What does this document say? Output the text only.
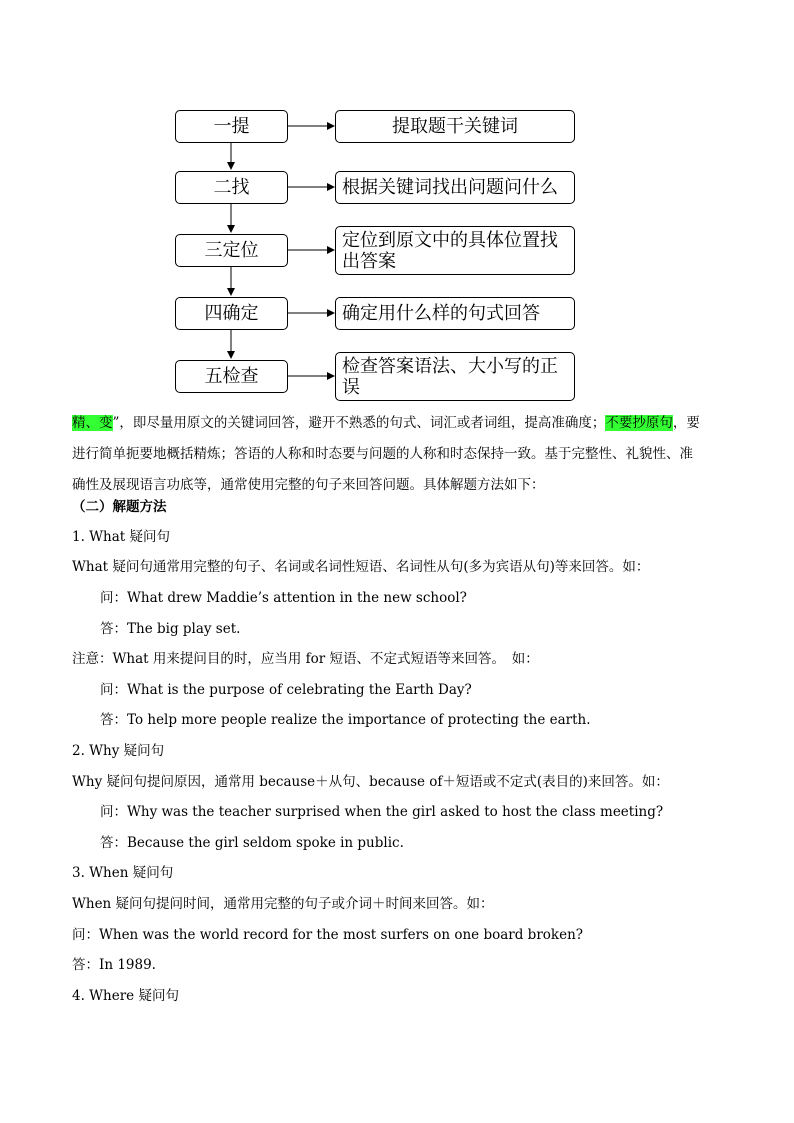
一提
二找
三定位
四确定
五检查
提取题干关键词
根据关键词找出问题问什么
定位到原文中的具体位置找出答案
确定用什么样的句式回答
检查答案语法、大小写的正误
精、变”，即尽量用原文的关键词回答，避开不熟悉的句式、词汇或者词组，提高准确度；不要抄原句，要
进行简单扼要地概括精炼；答语的人称和时态要与问题的人称和时态保持一致。基于完整性、礼貌性、准
确性及展现语言功底等，通常使用完整的句子来回答问题。具体解题方法如下：
（二）解题方法
1. What 疑问句
What 疑问句通常用完整的句子、名词或名词性短语、名词性从句(多为宾语从句)等来回答。如：
问：What drew Maddie’s attention in the new school?
答：The big play set.
注意：What 用来提问目的时，应当用 for 短语、不定式短语等来回答。　如：
问：What is the purpose of celebrating the Earth Day?
答：To help more people realize the importance of protecting the earth.
2. Why 疑问句
Why 疑问句提问原因，通常用 because＋从句、because of＋短语或不定式(表目的)来回答。如：
问：Why was the teacher surprised when the girl asked to host the class meeting?
答：Because the girl seldom spoke in public.
3. When 疑问句
When 疑问句提问时间，通常用完整的句子或介词＋时间来回答。如：
问：When was the world record for the most surfers on one board broken?
答：In 1989.
4. Where 疑问句
